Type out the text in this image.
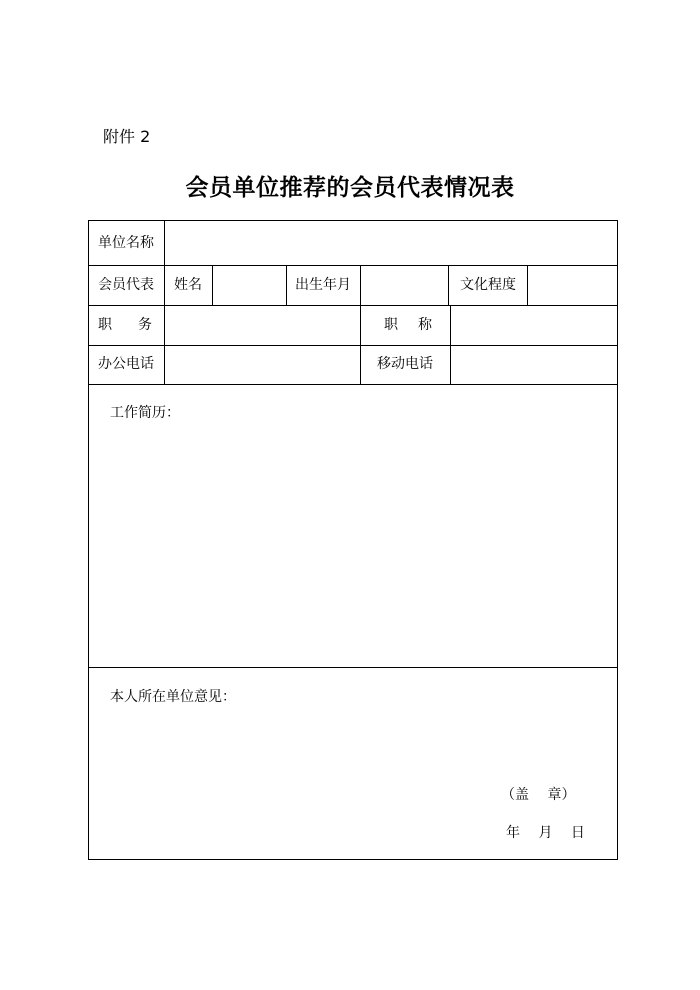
附件 2
会员单位推荐的会员代表情况表
单位名称
会员代表 姓名	出生年月	文化程度
职务	职称
办公电话	移动电话
工作简历：
本人所在单位意见：
（盖　 章）
年　 月　 日
